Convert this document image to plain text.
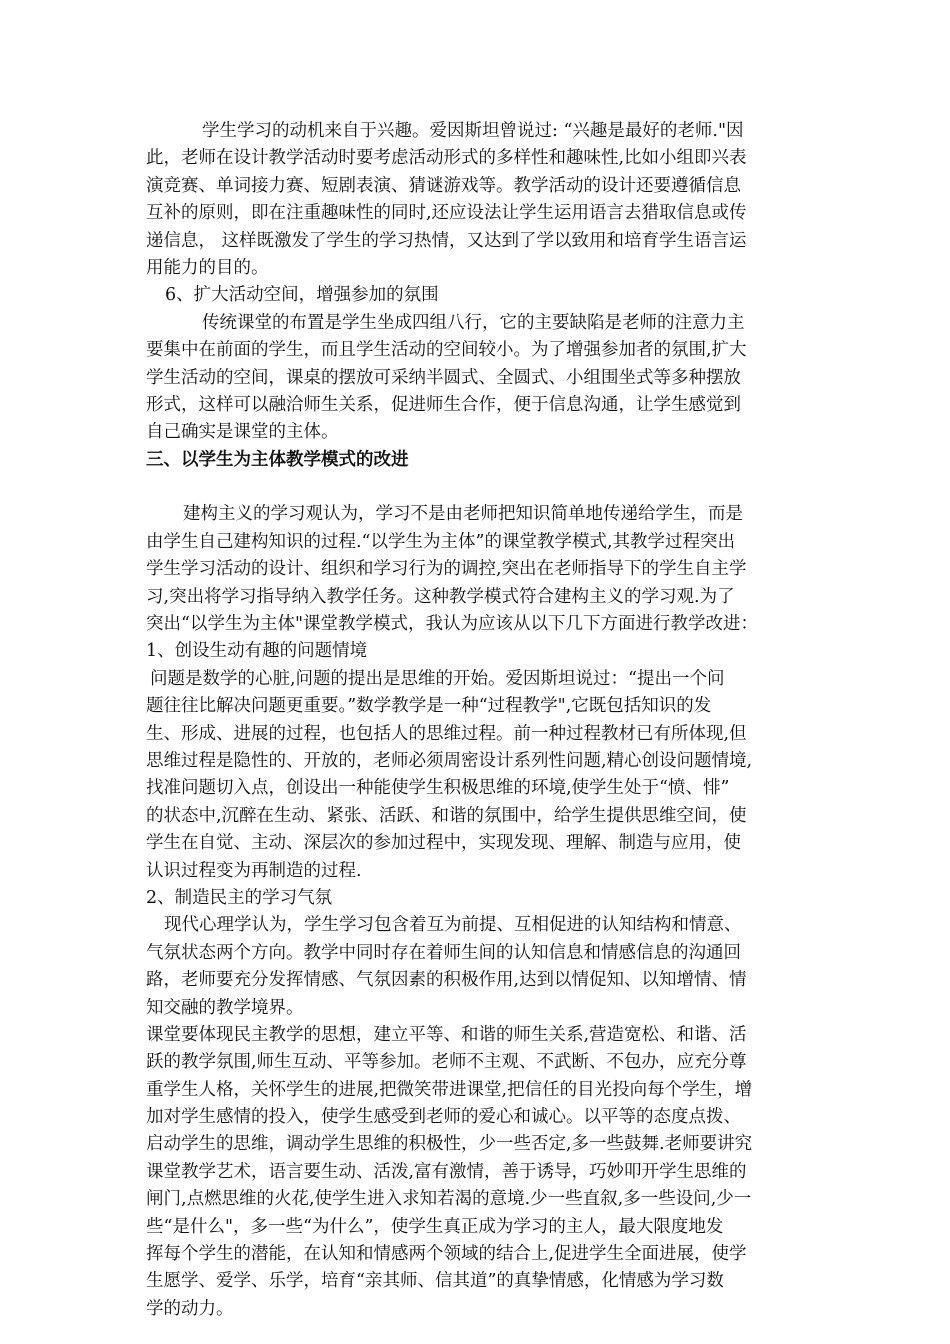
学生学习的动机来自于兴趣。爱因斯坦曾说过: “兴趣是最好的老师."因
此，老师在设计教学活动时要考虑活动形式的多样性和趣味性,比如小组即兴表
演竞赛、单词接力赛、短剧表演、猜谜游戏等。教学活动的设计还要遵循信息
互补的原则，即在注重趣味性的同时,还应设法让学生运用语言去猎取信息或传
递信息， 这样既激发了学生的学习热情，又达到了学以致用和培育学生语言运
用能力的目的。
6、扩大活动空间，增强参加的氛围
传统课堂的布置是学生坐成四组八行，它的主要缺陷是老师的注意力主
要集中在前面的学生，而且学生活动的空间较小。为了增强参加者的氛围,扩大
学生活动的空间，课桌的摆放可采纳半圆式、全圆式、小组围坐式等多种摆放
形式，这样可以融洽师生关系，促进师生合作，便于信息沟通，让学生感觉到
自己确实是课堂的主体。
三、以学生为主体教学模式的改进
建构主义的学习观认为，学习不是由老师把知识简单地传递给学生，而是
由学生自己建构知识的过程.“以学生为主体”的课堂教学模式,其教学过程突出
学生学习活动的设计、组织和学习行为的调控,突出在老师指导下的学生自主学
习,突出将学习指导纳入教学任务。这种教学模式符合建构主义的学习观.为了
突出“以学生为主体"课堂教学模式，我认为应该从以下几下方面进行教学改进：
1、创设生动有趣的问题情境
问题是数学的心脏,问题的提出是思维的开始。爱因斯坦说过：“提出一个问
题往往比解决问题更重要。”数学教学是一种“过程教学",它既包括知识的发
生、形成、进展的过程，也包括人的思维过程。前一种过程教材已有所体现,但
思维过程是隐性的、开放的，老师必须周密设计系列性问题,精心创设问题情境,
找准问题切入点，创设出一种能使学生积极思维的环境,使学生处于“愤、悱”
的状态中,沉醉在生动、紧张、活跃、和谐的氛围中，给学生提供思维空间，使
学生在自觉、主动、深层次的参加过程中，实现发现、理解、制造与应用，使
认识过程变为再制造的过程.
2、制造民主的学习气氛
现代心理学认为，学生学习包含着互为前提、互相促进的认知结构和情意、
气氛状态两个方向。教学中同时存在着师生间的认知信息和情感信息的沟通回
路，老师要充分发挥情感、气氛因素的积极作用,达到以情促知、以知增情、情
知交融的教学境界。
课堂要体现民主教学的思想，建立平等、和谐的师生关系,营造宽松、和谐、活
跃的教学氛围,师生互动、平等参加。老师不主观、不武断、不包办，应充分尊
重学生人格，关怀学生的进展,把微笑带进课堂,把信任的目光投向每个学生，增
加对学生感情的投入，使学生感受到老师的爱心和诚心。以平等的态度点拨、
启动学生的思维，调动学生思维的积极性，少一些否定,多一些鼓舞.老师要讲究
课堂教学艺术，语言要生动、活泼,富有激情，善于诱导，巧妙叩开学生思维的
闸门,点燃思维的火花,使学生进入求知若渴的意境.少一些直叙,多一些设问,少一
些“是什么"，多一些“为什么”，使学生真正成为学习的主人，最大限度地发
挥每个学生的潜能，在认知和情感两个领域的结合上,促进学生全面进展，使学
生愿学、爱学、乐学，培育“亲其师、信其道”的真挚情感，化情感为学习数
学的动力。
